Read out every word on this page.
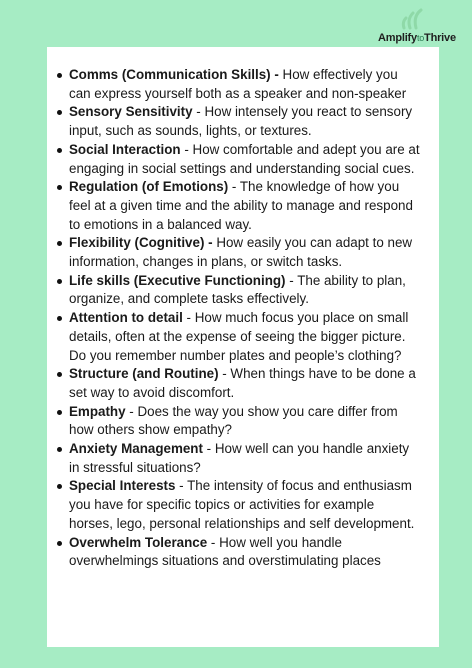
AmplifytoThrive
Comms (Communication Skills) - How effectively you can express yourself both as a speaker and non-speaker
Sensory Sensitivity - How intensely you react to sensory input, such as sounds, lights, or textures.
Social Interaction - How comfortable and adept you are at engaging in social settings and understanding social cues.
Regulation (of Emotions) - The knowledge of how you feel at a given time and the ability to manage and respond to emotions in a balanced way.
Flexibility (Cognitive) - How easily you can adapt to new information, changes in plans, or switch tasks.
Life skills (Executive Functioning) - The ability to plan, organize, and complete tasks effectively.
Attention to detail - How much focus you place on small details, often at the expense of seeing the bigger picture. Do you remember number plates and people’s clothing?
Structure (and Routine) - When things have to be done a set way to avoid discomfort.
Empathy - Does the way you show you care differ from how others show empathy?
Anxiety Management - How well can you handle anxiety in stressful situations?
Special Interests - The intensity of focus and enthusiasm you have for specific topics or activities for example horses, lego, personal relationships and self development.
Overwhelm Tolerance - How well you handle overwhelmings situations and overstimulating places
